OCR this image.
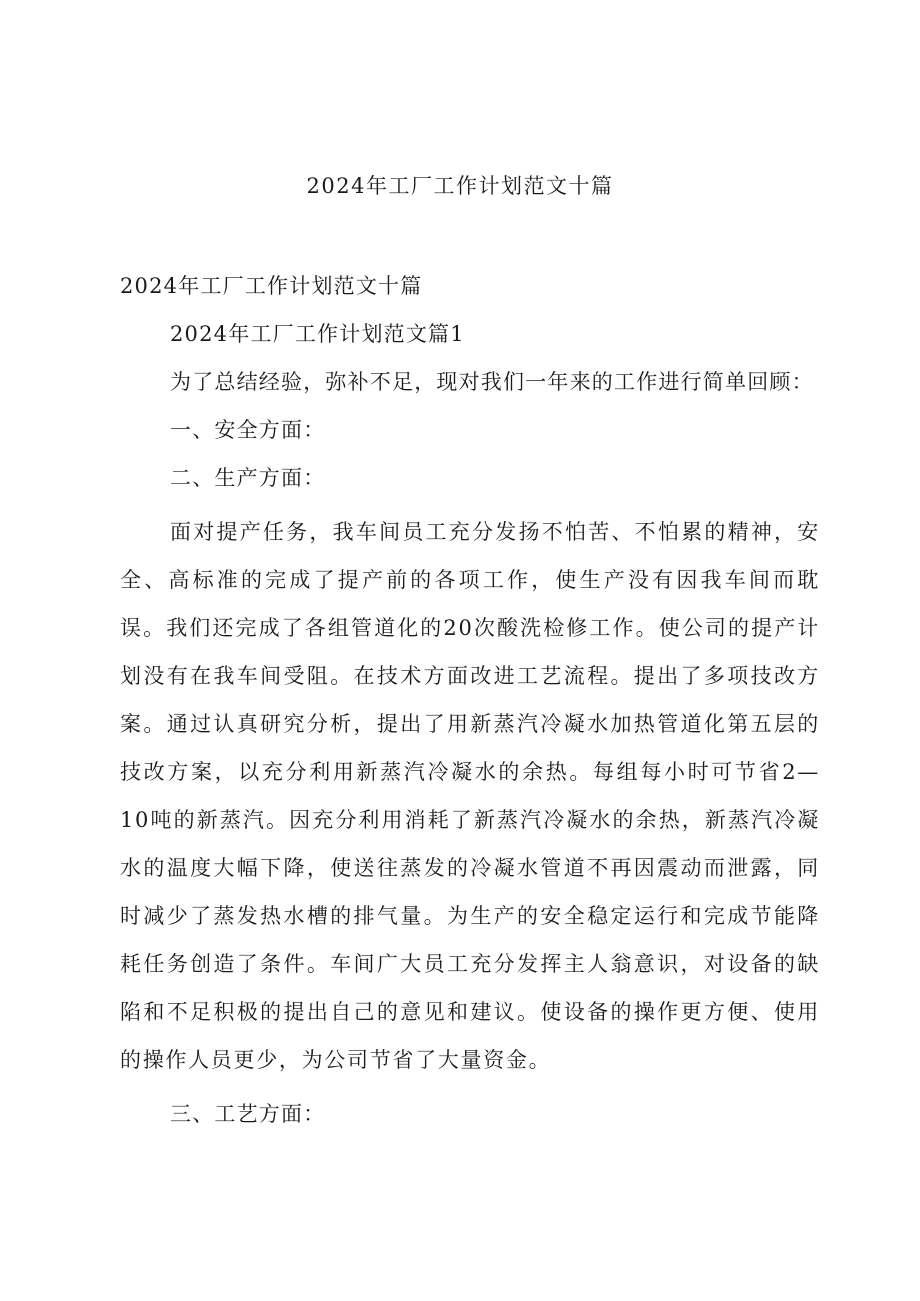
2024年工厂工作计划范文十篇

2024年工厂工作计划范文十篇

2024年工厂工作计划范文篇1

为了总结经验，弥补不足，现对我们一年来的工作进行简单回顾：

一、安全方面：

二、生产方面：

面对提产任务，我车间员工充分发扬不怕苦、不怕累的精神，安全、高标准的完成了提产前的各项工作，使生产没有因我车间而耽误。我们还完成了各组管道化的20次酸洗检修工作。使公司的提产计划没有在我车间受阻。在技术方面改进工艺流程。提出了多项技改方案。通过认真研究分析，提出了用新蒸汽冷凝水加热管道化第五层的技改方案，以充分利用新蒸汽冷凝水的余热。每组每小时可节省2—10吨的新蒸汽。因充分利用消耗了新蒸汽冷凝水的余热，新蒸汽冷凝水的温度大幅下降，使送往蒸发的冷凝水管道不再因震动而泄露，同时减少了蒸发热水槽的排气量。为生产的安全稳定运行和完成节能降耗任务创造了条件。车间广大员工充分发挥主人翁意识，对设备的缺陷和不足积极的提出自己的意见和建议。使设备的操作更方便、使用的操作人员更少，为公司节省了大量资金。

三、工艺方面：
